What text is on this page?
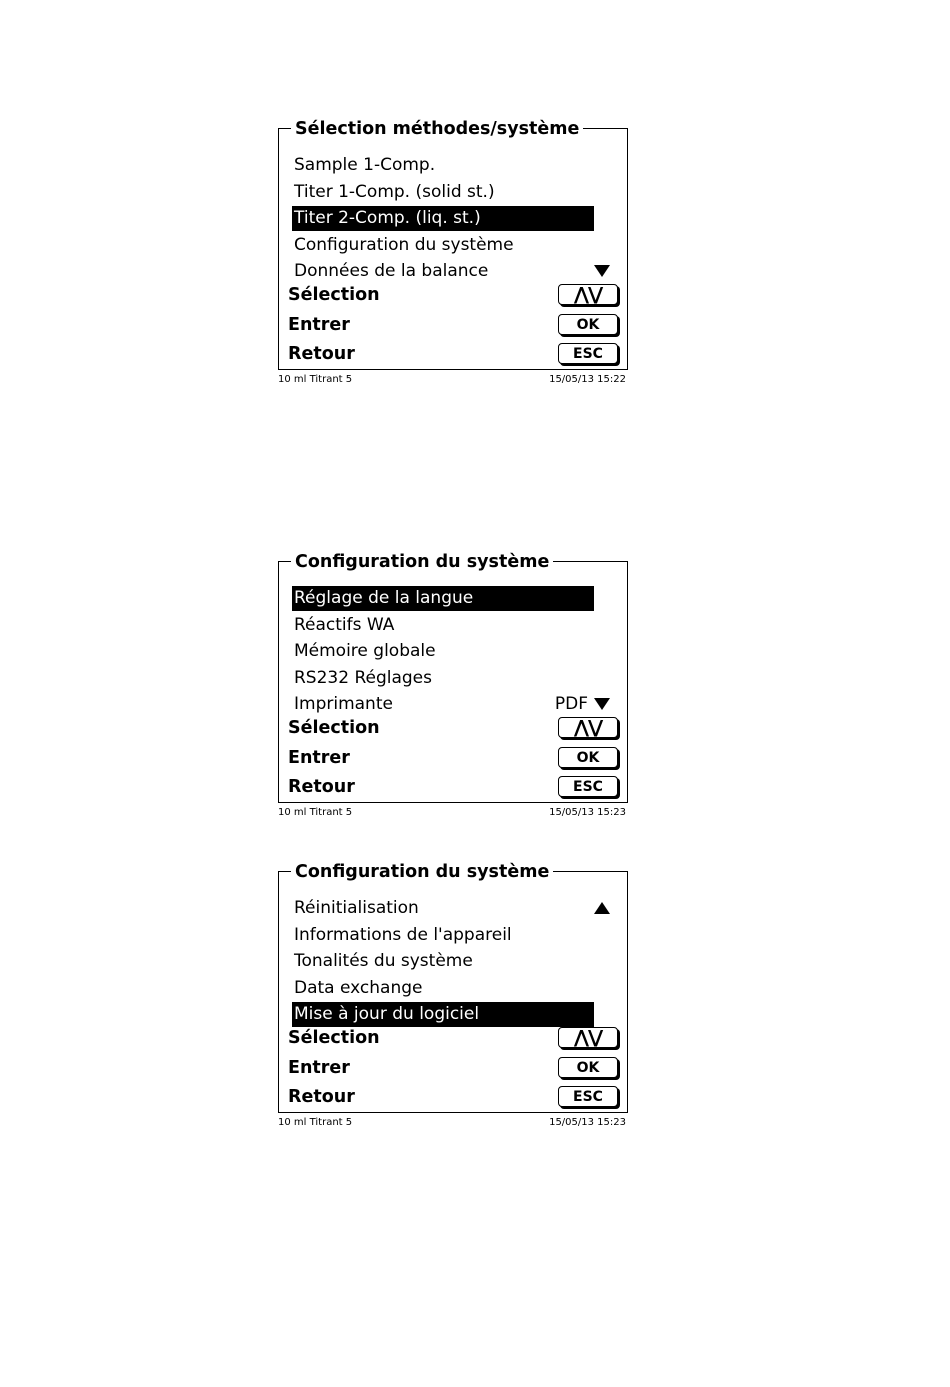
Sélection méthodes/système
Sample 1-Comp.
Titer 1-Comp. (solid st.)
Titer 2-Comp. (liq. st.)
Configuration du système
Données de la balance
Sélection	⋀⋁
Entrer	OK
Retour	ESC
10 ml Titrant 5	15/05/13 15:22
Configuration du système
Réglage de la langue
Réactifs WA
Mémoire globale
RS232 Réglages
Imprimante	PDF
Sélection	⋀⋁
Entrer	OK
Retour	ESC
10 ml Titrant 5	15/05/13 15:23
Configuration du système
Réinitialisation
Informations de l'appareil
Tonalités du système
Data exchange
Mise à jour du logiciel
Sélection	⋀⋁
Entrer	OK
Retour	ESC
10 ml Titrant 5	15/05/13 15:23
